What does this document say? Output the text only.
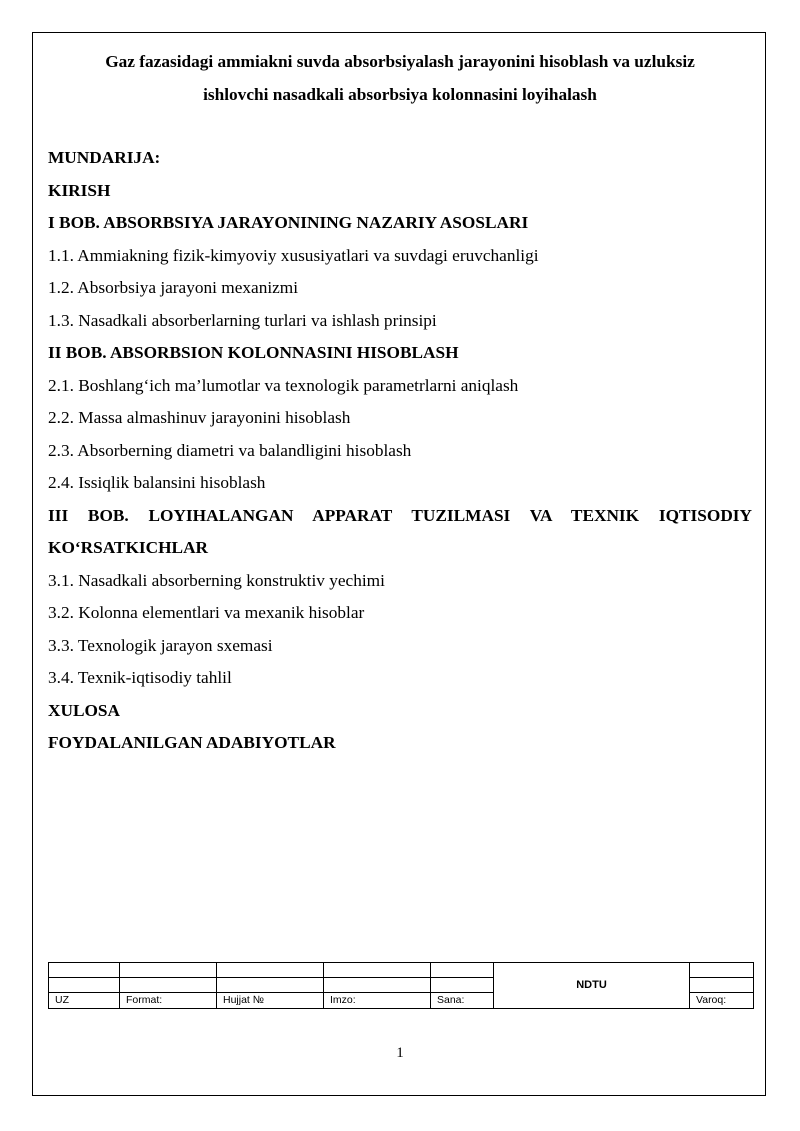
Gaz fazasidagi ammiakni suvda absorbsiyalash jarayonini hisoblash va uzluksiz
ishlovchi nasadkali absorbsiya kolonnasini loyihalash
MUNDARIJA:
KIRISH
I BOB. ABSORBSIYA JARAYONINING NAZARIY ASOSLARI
1.1. Ammiakning fizik-kimyoviy xususiyatlari va suvdagi eruvchanligi
1.2. Absorbsiya jarayoni mexanizmi
1.3. Nasadkali absorberlarning turlari va ishlash prinsipi
II BOB. ABSORBSION KOLONNASINI HISOBLASH
2.1. Boshlang‘ich ma’lumotlar va texnologik parametrlarni aniqlash
2.2. Massa almashinuv jarayonini hisoblash
2.3. Absorberning diametri va balandligini hisoblash
2.4. Issiqlik balansini hisoblash
III BOB. LOYIHALANGAN APPARAT TUZILMASI VA TEXNIK IQTISODIY
KO‘RSATKICHLAR
3.1. Nasadkali absorberning konstruktiv yechimi
3.2. Kolonna elementlari va mexanik hisoblar
3.3. Texnologik jarayon sxemasi
3.4. Texnik-iqtisodiy tahlil
XULOSA
FOYDALANILGAN ADABIYOTLAR
					NDTU	

UZ	Format:	Hujjat №	Imzo:	Sana:		Varoq:
1
